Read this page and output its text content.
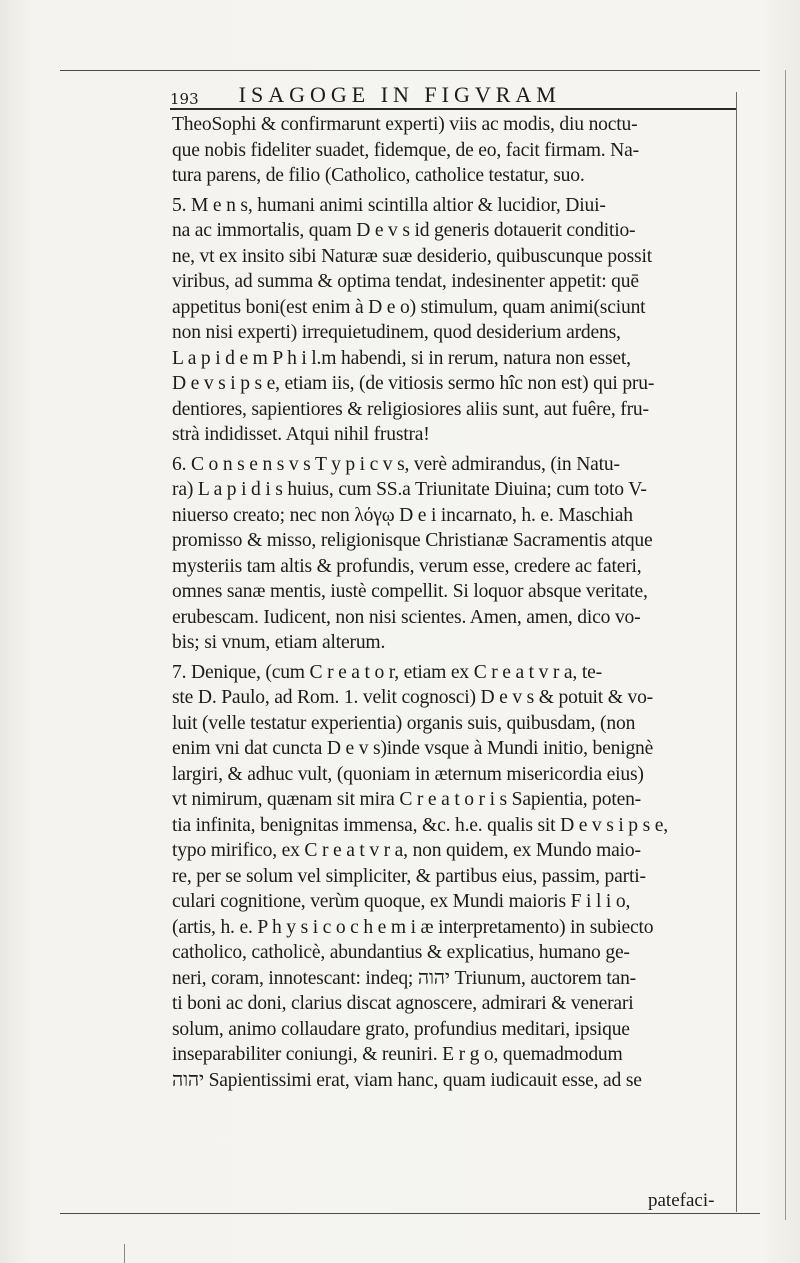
193 ISAGOGE IN FIGVRAM
TheoSophi & confirmarunt experti) viis ac modis, diu noctu-
que nobis fideliter suadet, fidemque, de eo, facit firmam. Na-
tura parens, de filio (Catholico, catholice testatur, suo.
5. M e n s, humani animi scintilla altior & lucidior, Diui-
na ac immortalis, quam D e v s id generis dotauerit conditio-
ne, vt ex insito sibi Naturæ suæ desiderio, quibuscunque possit
viribus, ad summa & optima tendat, indesinenter appetit: quē
appetitus boni(est enim à D e o) stimulum, quam animi(sciunt
non nisi experti) irrequietudinem, quod desiderium ardens,
L a p i d e m P h i l.m habendi, si in rerum, natura non esset,
D e v s i p s e, etiam iis, (de vitiosis sermo hîc non est) qui pru-
dentiores, sapientiores & religiosiores aliis sunt, aut fuêre, fru-
strà indidisset. Atqui nihil frustra!
6. C o n s e n s v s T y p i c v s, verè admirandus, (in Natu-
ra) L a p i d i s huius, cum SS.a Triunitate Diuina; cum toto V-
niuerso creato; nec non λόγῳ D e i incarnato, h. e. Maschiah
promisso & misso, religionisque Christianæ Sacramentis atque
mysteriis tam altis & profundis, verum esse, credere ac fateri,
omnes sanæ mentis, iustè compellit. Si loquor absque veritate,
erubescam. Iudicent, non nisi scientes. Amen, amen, dico vo-
bis; si vnum, etiam alterum.
7. Denique, (cum C r e a t o r, etiam ex C r e a t v r a, te-
ste D. Paulo, ad Rom. 1. velit cognosci) D e v s & potuit & vo-
luit (velle testatur experientia) organis suis, quibusdam, (non
enim vni dat cuncta D e v s)inde vsque à Mundi initio, benignè
largiri, & adhuc vult, (quoniam in æternum misericordia eius)
vt nimirum, quænam sit mira C r e a t o r i s Sapientia, poten-
tia infinita, benignitas immensa, &c. h.e. qualis sit D e v s i p s e,
typo mirifico, ex C r e a t v r a, non quidem, ex Mundo maio-
re, per se solum vel simpliciter, & partibus eius, passim, parti-
culari cognitione, verùm quoque, ex Mundi maioris F i l i o,
(artis, h. e. P h y s i c o c h e m i æ interpretamento) in subiecto
catholico, catholicè, abundantius & explicatius, humano ge-
neri, coram, innotescant: indeq; יהוה Triunum, auctorem tan-
ti boni ac doni, clarius discat agnoscere, admirari & venerari
solum, animo collaudare grato, profundius meditari, ipsique
inseparabiliter coniungi, & reuniri. E r g o, quemadmodum
יהוה Sapientissimi erat, viam hanc, quam iudicauit esse, ad se
patefaci-
